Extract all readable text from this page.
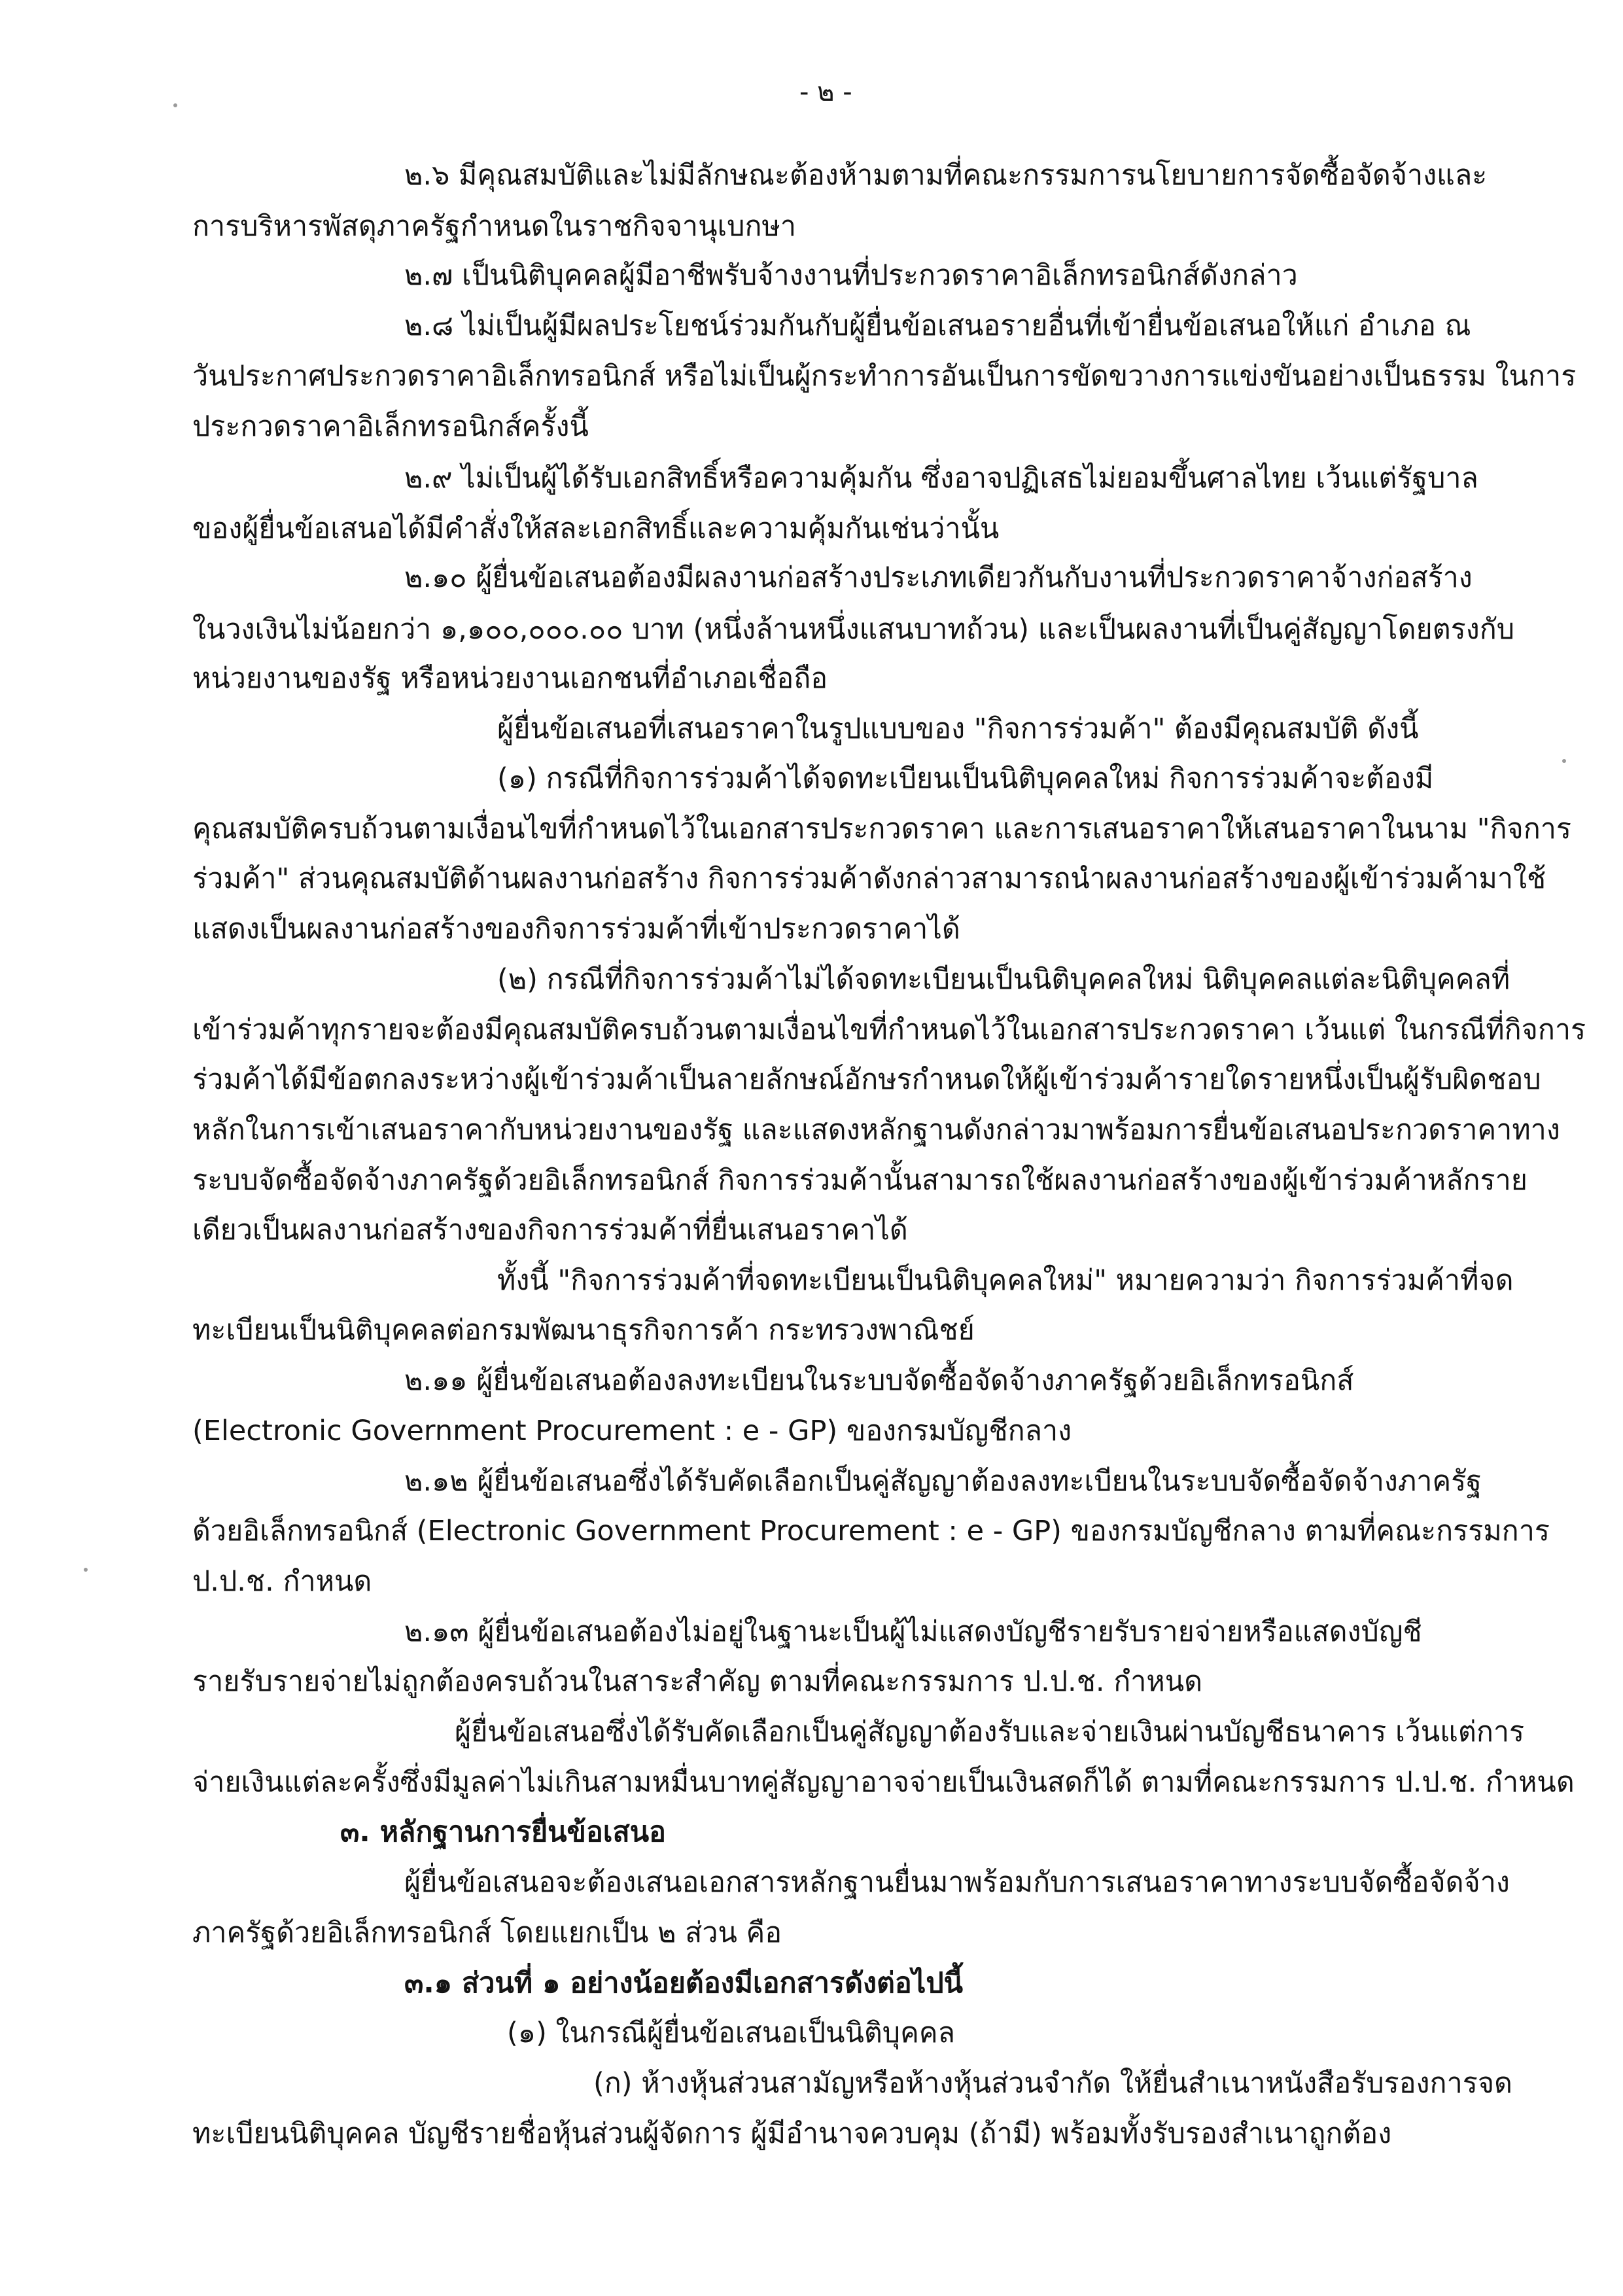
- ๒ -
๒.๖ มีคุณสมบัติและไม่มีลักษณะต้องห้ามตามที่คณะกรรมการนโยบายการจัดซื้อจัดจ้างและ
การบริหารพัสดุภาครัฐกำหนดในราชกิจจานุเบกษา
๒.๗ เป็นนิติบุคคลผู้มีอาชีพรับจ้างงานที่ประกวดราคาอิเล็กทรอนิกส์ดังกล่าว
๒.๘ ไม่เป็นผู้มีผลประโยชน์ร่วมกันกับผู้ยื่นข้อเสนอรายอื่นที่เข้ายื่นข้อเสนอให้แก่ อำเภอ ณ
วันประกาศประกวดราคาอิเล็กทรอนิกส์ หรือไม่เป็นผู้กระทำการอันเป็นการขัดขวางการแข่งขันอย่างเป็นธรรม ในการ
ประกวดราคาอิเล็กทรอนิกส์ครั้งนี้
๒.๙ ไม่เป็นผู้ได้รับเอกสิทธิ์หรือความคุ้มกัน ซึ่งอาจปฏิเสธไม่ยอมขึ้นศาลไทย เว้นแต่รัฐบาล
ของผู้ยื่นข้อเสนอได้มีคำสั่งให้สละเอกสิทธิ์และความคุ้มกันเช่นว่านั้น
๒.๑๐ ผู้ยื่นข้อเสนอต้องมีผลงานก่อสร้างประเภทเดียวกันกับงานที่ประกวดราคาจ้างก่อสร้าง
ในวงเงินไม่น้อยกว่า ๑,๑๐๐,๐๐๐.๐๐ บาท (หนึ่งล้านหนึ่งแสนบาทถ้วน) และเป็นผลงานที่เป็นคู่สัญญาโดยตรงกับ
หน่วยงานของรัฐ หรือหน่วยงานเอกชนที่อำเภอเชื่อถือ
ผู้ยื่นข้อเสนอที่เสนอราคาในรูปแบบของ "กิจการร่วมค้า" ต้องมีคุณสมบัติ ดังนี้
(๑) กรณีที่กิจการร่วมค้าได้จดทะเบียนเป็นนิติบุคคลใหม่ กิจการร่วมค้าจะต้องมี
คุณสมบัติครบถ้วนตามเงื่อนไขที่กำหนดไว้ในเอกสารประกวดราคา และการเสนอราคาให้เสนอราคาในนาม "กิจการ
ร่วมค้า" ส่วนคุณสมบัติด้านผลงานก่อสร้าง กิจการร่วมค้าดังกล่าวสามารถนำผลงานก่อสร้างของผู้เข้าร่วมค้ามาใช้
แสดงเป็นผลงานก่อสร้างของกิจการร่วมค้าที่เข้าประกวดราคาได้
(๒) กรณีที่กิจการร่วมค้าไม่ได้จดทะเบียนเป็นนิติบุคคลใหม่ นิติบุคคลแต่ละนิติบุคคลที่
เข้าร่วมค้าทุกรายจะต้องมีคุณสมบัติครบถ้วนตามเงื่อนไขที่กำหนดไว้ในเอกสารประกวดราคา เว้นแต่ ในกรณีที่กิจการ
ร่วมค้าได้มีข้อตกลงระหว่างผู้เข้าร่วมค้าเป็นลายลักษณ์อักษรกำหนดให้ผู้เข้าร่วมค้ารายใดรายหนึ่งเป็นผู้รับผิดชอบ
หลักในการเข้าเสนอราคากับหน่วยงานของรัฐ และแสดงหลักฐานดังกล่าวมาพร้อมการยื่นข้อเสนอประกวดราคาทาง
ระบบจัดซื้อจัดจ้างภาครัฐด้วยอิเล็กทรอนิกส์ กิจการร่วมค้านั้นสามารถใช้ผลงานก่อสร้างของผู้เข้าร่วมค้าหลักราย
เดียวเป็นผลงานก่อสร้างของกิจการร่วมค้าที่ยื่นเสนอราคาได้
ทั้งนี้ "กิจการร่วมค้าที่จดทะเบียนเป็นนิติบุคคลใหม่" หมายความว่า กิจการร่วมค้าที่จด
ทะเบียนเป็นนิติบุคคลต่อกรมพัฒนาธุรกิจการค้า กระทรวงพาณิชย์
๒.๑๑ ผู้ยื่นข้อเสนอต้องลงทะเบียนในระบบจัดซื้อจัดจ้างภาครัฐด้วยอิเล็กทรอนิกส์
(Electronic Government Procurement : e - GP) ของกรมบัญชีกลาง
๒.๑๒ ผู้ยื่นข้อเสนอซึ่งได้รับคัดเลือกเป็นคู่สัญญาต้องลงทะเบียนในระบบจัดซื้อจัดจ้างภาครัฐ
ด้วยอิเล็กทรอนิกส์ (Electronic Government Procurement : e - GP) ของกรมบัญชีกลาง ตามที่คณะกรรมการ
ป.ป.ช. กำหนด
๒.๑๓ ผู้ยื่นข้อเสนอต้องไม่อยู่ในฐานะเป็นผู้ไม่แสดงบัญชีรายรับรายจ่ายหรือแสดงบัญชี
รายรับรายจ่ายไม่ถูกต้องครบถ้วนในสาระสำคัญ ตามที่คณะกรรมการ ป.ป.ช. กำหนด
ผู้ยื่นข้อเสนอซึ่งได้รับคัดเลือกเป็นคู่สัญญาต้องรับและจ่ายเงินผ่านบัญชีธนาคาร เว้นแต่การ
จ่ายเงินแต่ละครั้งซึ่งมีมูลค่าไม่เกินสามหมื่นบาทคู่สัญญาอาจจ่ายเป็นเงินสดก็ได้ ตามที่คณะกรรมการ ป.ป.ช. กำหนด
๓. หลักฐานการยื่นข้อเสนอ
ผู้ยื่นข้อเสนอจะต้องเสนอเอกสารหลักฐานยื่นมาพร้อมกับการเสนอราคาทางระบบจัดซื้อจัดจ้าง
ภาครัฐด้วยอิเล็กทรอนิกส์ โดยแยกเป็น ๒ ส่วน คือ
๓.๑ ส่วนที่ ๑ อย่างน้อยต้องมีเอกสารดังต่อไปนี้
(๑) ในกรณีผู้ยื่นข้อเสนอเป็นนิติบุคคล
(ก) ห้างหุ้นส่วนสามัญหรือห้างหุ้นส่วนจำกัด ให้ยื่นสำเนาหนังสือรับรองการจด
ทะเบียนนิติบุคคล บัญชีรายชื่อหุ้นส่วนผู้จัดการ ผู้มีอำนาจควบคุม (ถ้ามี) พร้อมทั้งรับรองสำเนาถูกต้อง
